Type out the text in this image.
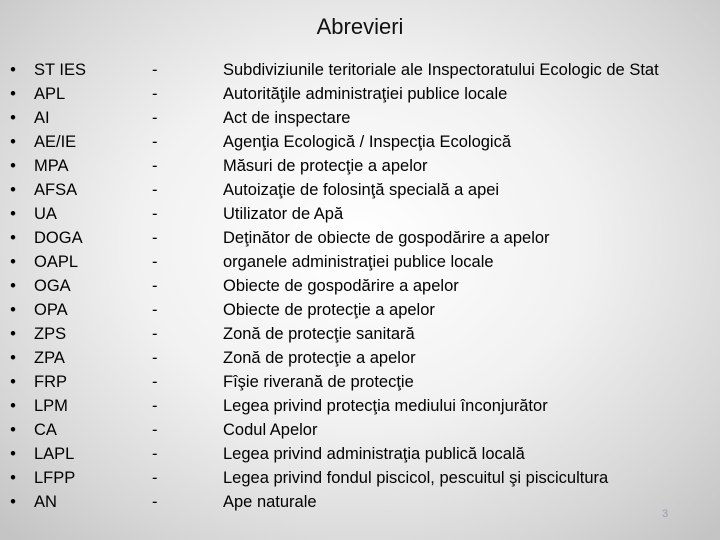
Abrevieri
• ST IES	-	Subdiviziunile teritoriale ale Inspectoratului Ecologic de Stat
• APL	-	Autorităţile administraţiei publice locale
• AI	-	Act de inspectare
• AE/IE	-	Agenţia Ecologică / Inspecţia Ecologică
• MPA	-	Măsuri de protecţie a apelor
• AFSA	-	Autoizaţie de folosinţă specială a apei
• UA	-	Utilizator de Apă
• DOGA	-	Deţinător de obiecte de gospodărire a apelor
• OAPL	-	organele administraţiei publice locale
• OGA	-	Obiecte de gospodărire a apelor
• OPA	-	Obiecte de protecţie a apelor
• ZPS	-	Zonă de protecţie sanitară
• ZPA	-	Zonă de protecţie a apelor
• FRP	-	Fîşie riverană de protecţie
• LPM	-	Legea privind protecţia mediului înconjurător
• CA	-	Codul Apelor
• LAPL	-	Legea privind administraţia publică locală
• LFPP	-	Legea privind fondul piscicol, pescuitul şi piscicultura
• AN	-	Ape naturale
3
